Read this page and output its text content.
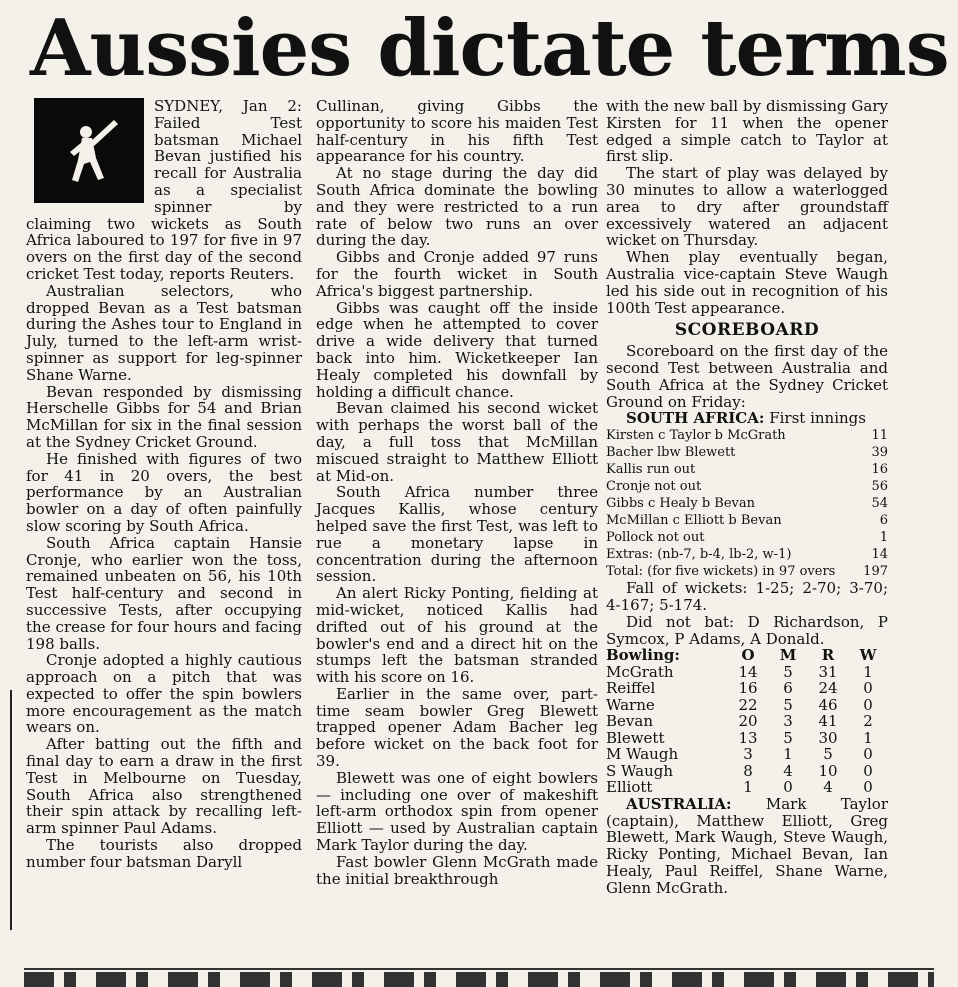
Aussies dictate terms

SYDNEY, Jan 2: Failed Test batsman Michael Bevan justified his recall for Australia as a specialist spinner by claiming two wickets as South Africa laboured to 197 for five in 97 overs on the first day of the second cricket Test today, reports Reuters.

Australian selectors, who dropped Bevan as a Test batsman during the Ashes tour to England in July, turned to the left-arm wrist-spinner as support for leg-spinner Shane Warne.

Bevan responded by dismissing Herschelle Gibbs for 54 and Brian McMillan for six in the final session at the Sydney Cricket Ground.

He finished with figures of two for 41 in 20 overs, the best performance by an Australian bowler on a day of often painfully slow scoring by South Africa.

South Africa captain Hansie Cronje, who earlier won the toss, remained unbeaten on 56, his 10th Test half-century and second in successive Tests, after occupying the crease for four hours and facing 198 balls.

Cronje adopted a highly cautious approach on a pitch that was expected to offer the spin bowlers more encouragement as the match wears on.

After batting out the fifth and final day to earn a draw in the first Test in Melbourne on Tuesday, South Africa also strengthened their spin attack by recalling left-arm spinner Paul Adams.

The tourists also dropped number four batsman Daryll

Cullinan, giving Gibbs the opportunity to score his maiden Test half-century in his fifth Test appearance for his country.

At no stage during the day did South Africa dominate the bowling and they were restricted to a run rate of below two runs an over during the day.

Gibbs and Cronje added 97 runs for the fourth wicket in South Africa's biggest partnership.

Gibbs was caught off the inside edge when he attempted to cover drive a wide delivery that turned back into him. Wicketkeeper Ian Healy completed his downfall by holding a difficult chance.

Bevan claimed his second wicket with perhaps the worst ball of the day, a full toss that McMillan miscued straight to Matthew Elliott at Mid-on.

South Africa number three Jacques Kallis, whose century helped save the first Test, was left to rue a monetary lapse in concentration during the afternoon session.

An alert Ricky Ponting, fielding at mid-wicket, noticed Kallis had drifted out of his ground at the bowler's end and a direct hit on the stumps left the batsman stranded with his score on 16.

Earlier in the same over, part-time seam bowler Greg Blewett trapped opener Adam Bacher leg before wicket on the back foot for 39.

Blewett was one of eight bowlers — including one over of makeshift left-arm orthodox spin from opener Elliott — used by Australian captain Mark Taylor during the day.

Fast bowler Glenn McGrath made the initial breakthrough

with the new ball by dismissing Gary Kirsten for 11 when the opener edged a simple catch to Taylor at first slip.

The start of play was delayed by 30 minutes to allow a waterlogged area to dry after groundstaff excessively watered an adjacent wicket on Thursday.

When play eventually began, Australia vice-captain Steve Waugh led his side out in recognition of his 100th Test appearance.

SCOREBOARD

Scoreboard on the first day of the second Test between Australia and South Africa at the Sydney Cricket Ground on Friday:

SOUTH AFRICA: First innings

Kirsten c Taylor b McGrath	11
Bacher lbw Blewett	39
Kallis run out	16
Cronje not out	56
Gibbs c Healy b Bevan	54
McMillan c Elliott b Bevan	6
Pollock not out	1
Extras: (nb-7, b-4, lb-2, w-1)	14
Total: (for five wickets) in 97 overs 197

Fall of wickets: 1-25; 2-70; 3-70; 4-167; 5-174.

Did not bat: D Richardson, P Symcox, P Adams, A Donald.

Bowling:	O	M	R	W
McGrath	14	5	31	1
Reiffel	16	6	24	0
Warne	22	5	46	0
Bevan	20	3	41	2
Blewett	13	5	30	1
M Waugh	3	1	5	0
S Waugh	8	4	10	0
Elliott	1	0	4	0

AUSTRALIA: Mark Taylor (captain), Matthew Elliott, Greg Blewett, Mark Waugh, Steve Waugh, Ricky Ponting, Michael Bevan, Ian Healy, Paul Reiffel, Shane Warne, Glenn McGrath.
